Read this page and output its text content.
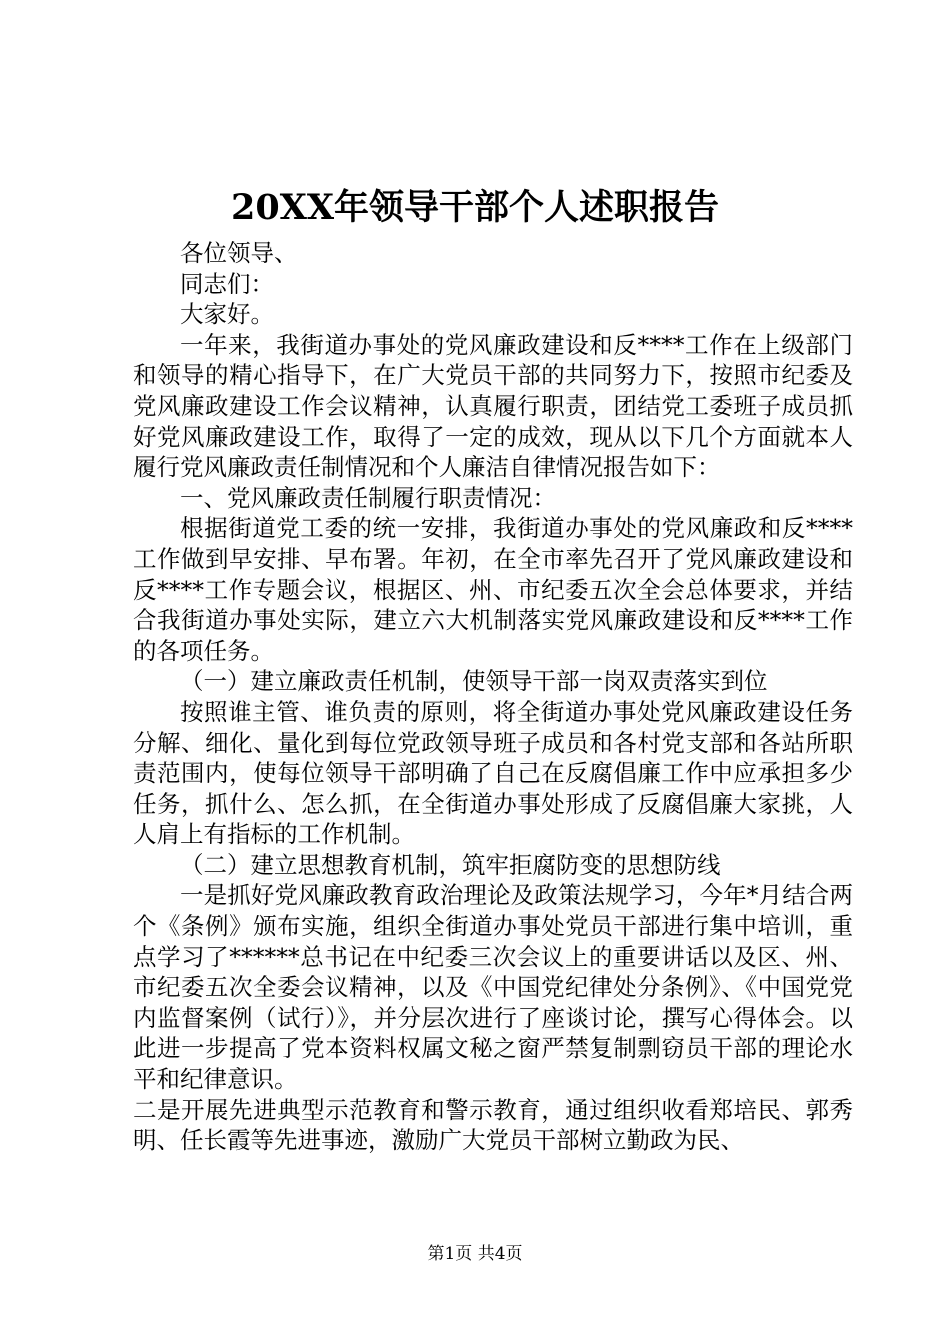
20XX年领导干部个人述职报告

各位领导、

同志们：

大家好。

一年来，我街道办事处的党风廉政建设和反****工作在上级部门和领导的精心指导下，在广大党员干部的共同努力下，按照市纪委及党风廉政建设工作会议精神，认真履行职责，团结党工委班子成员抓好党风廉政建设工作，取得了一定的成效，现从以下几个方面就本人履行党风廉政责任制情况和个人廉洁自律情况报告如下：

一、党风廉政责任制履行职责情况：

根据街道党工委的统一安排，我街道办事处的党风廉政和反****工作做到早安排、早布署。年初，在全市率先召开了党风廉政建设和反****工作专题会议，根据区、州、市纪委五次全会总体要求，并结合我街道办事处实际，建立六大机制落实党风廉政建设和反****工作的各项任务。

（一）建立廉政责任机制，使领导干部一岗双责落实到位

按照谁主管、谁负责的原则，将全街道办事处党风廉政建设任务分解、细化、量化到每位党政领导班子成员和各村党支部和各站所职责范围内，使每位领导干部明确了自己在反腐倡廉工作中应承担多少任务，抓什么、怎么抓，在全街道办事处形成了反腐倡廉大家挑，人人肩上有指标的工作机制。

（二）建立思想教育机制，筑牢拒腐防变的思想防线

一是抓好党风廉政教育政治理论及政策法规学习，今年*月结合两个《条例》颁布实施，组织全街道办事处党员干部进行集中培训，重点学习了******总书记在中纪委三次会议上的重要讲话以及区、州、市纪委五次全委会议精神，以及《中国党纪律处分条例》、《中国党党内监督案例（试行）》，并分层次进行了座谈讨论，撰写心得体会。以此进一步提高了党本资料权属文秘之窗严禁复制剽窃员干部的理论水平和纪律意识。

二是开展先进典型示范教育和警示教育，通过组织收看郑培民、郭秀明、任长霞等先进事迹，激励广大党员干部树立勤政为民、

第1页 共4页
